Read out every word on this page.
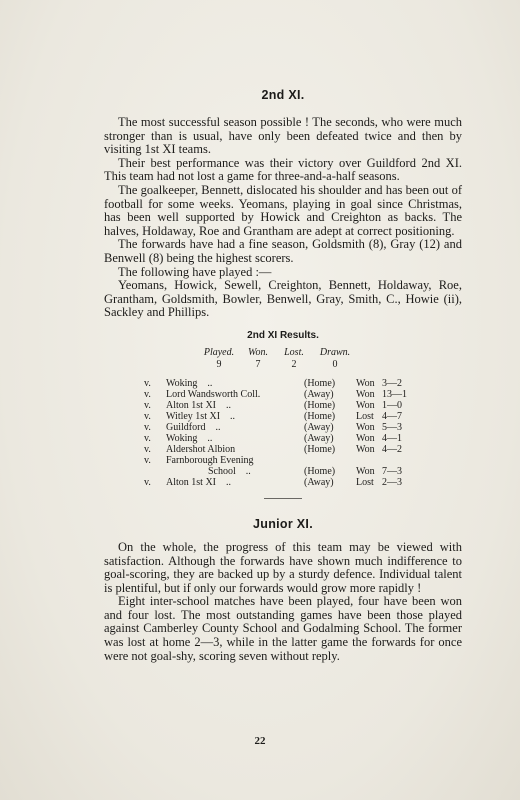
2nd XI.

The most successful season possible ! The seconds, who were much stronger than is usual, have only been defeated twice and then by visiting 1st XI teams.

Their best performance was their victory over Guildford 2nd XI. This team had not lost a game for three-and-a-half seasons.

The goalkeeper, Bennett, dislocated his shoulder and has been out of football for some weeks. Yeomans, playing in goal since Christmas, has been well supported by Howick and Creighton as backs. The halves, Holdaway, Roe and Grantham are adept at correct positioning.

The forwards have had a fine season, Goldsmith (8), Gray (12) and Benwell (8) being the highest scorers.

The following have played :—

Yeomans, Howick, Sewell, Creighton, Bennett, Holdaway, Roe, Grantham, Goldsmith, Bowler, Benwell, Gray, Smith, C., Howie (ii), Sackley and Phillips.

2nd XI Results.
Played.	Won.	Lost.	Drawn.
9	7	2	0
v.	Woking ..	(Home)	Won	3—2
v.	Lord Wandsworth Coll.	(Away)	Won	13—1
v.	Alton 1st XI ..	(Home)	Won	1—0
v.	Witley 1st XI ..	(Home)	Lost	4—7
v.	Guildford ..	(Away)	Won	5—3
v.	Woking ..	(Away)	Won	4—1
v.	Aldershot Albion	(Home)	Won	4—2
v.	Farnborough Evening			
	School ..	(Home)	Won	7—3
v.	Alton 1st XI ..	(Away)	Lost	2—3
Junior XI.

On the whole, the progress of this team may be viewed with satisfaction. Although the forwards have shown much indifference to goal-scoring, they are backed up by a sturdy defence. Individual talent is plentiful, but if only our forwards would grow more rapidly !

Eight inter-school matches have been played, four have been won and four lost. The most outstanding games have been those played against Camberley County School and Godalming School. The former was lost at home 2—3, while in the latter game the forwards for once were not goal-shy, scoring seven without reply.

22
